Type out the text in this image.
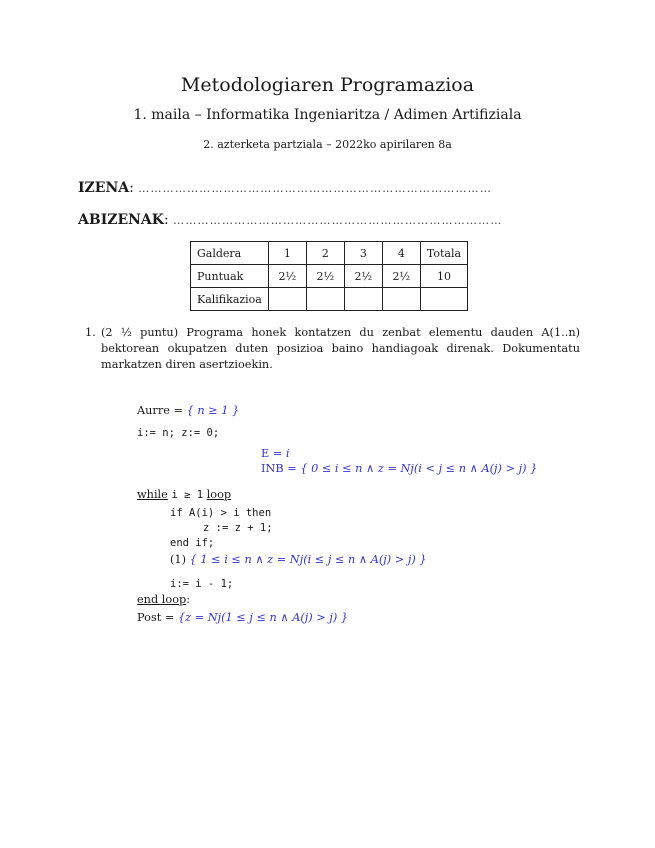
Metodologiaren Programazioa
1. maila – Informatika Ingeniaritza / Adimen Artifiziala
2. azterketa partziala – 2022ko apirilaren 8a
IZENA: ……………………………………………………………………………
ABIZENAK: ………………………………………………………………………
Galdera	1	2	3	4	Totala
Puntuak	2½	2½	2½	2½	10
Kalifikazioa					
1. (2 ½ puntu) Programa honek kontatzen du zenbat elementu dauden A(1..n) bektorean okupatzen duten posizioa baino handiagoak direnak. Dokumentatu markatzen diren asertzioekin.
Aurre = { n ≥ 1 }
i:= n; z:= 0;
E = i
INB = { 0 ≤ i ≤ n ∧ z = Nj(i < j ≤ n ∧ A(j) > j) }
while i ≥ 1 loop
if A(i) > i then
z := z + 1;
end if;
(1) { 1 ≤ i ≤ n ∧ z = Nj(i ≤ j ≤ n ∧ A(j) > j) }
i:= i - 1;
end loop:
Post = {z = Nj(1 ≤ j ≤ n ∧ A(j) > j) }
